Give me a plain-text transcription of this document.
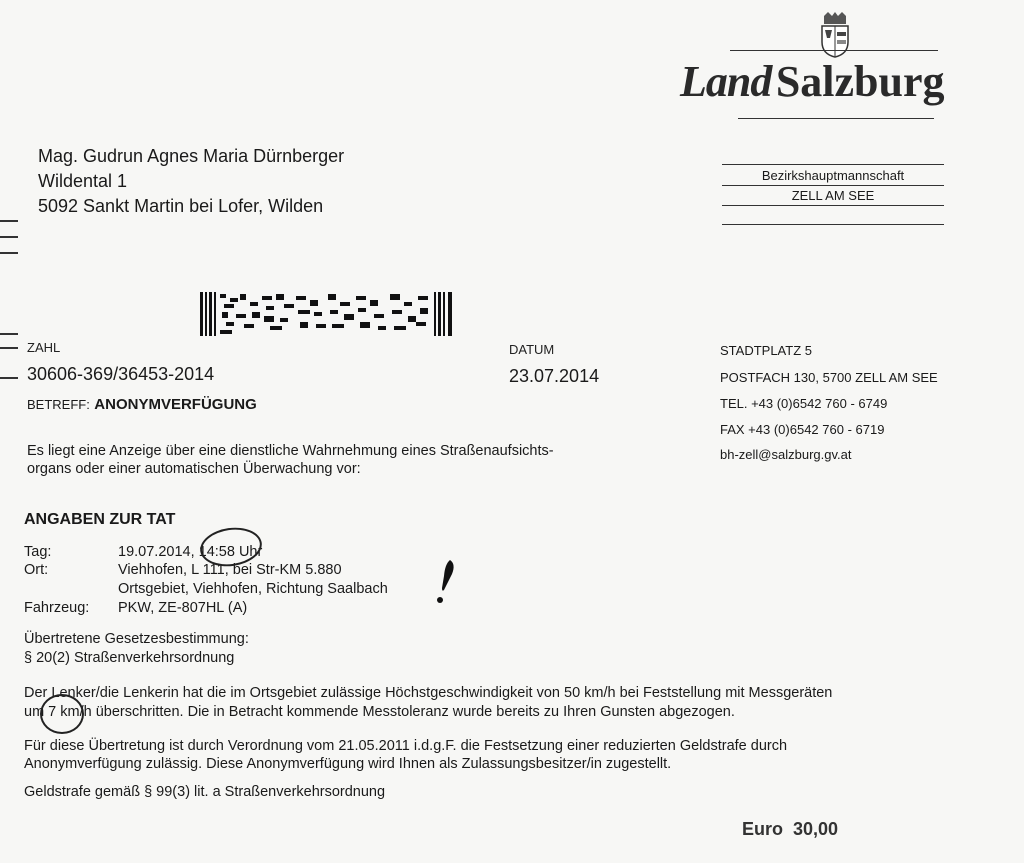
Land Salzburg
Bezirkshauptmannschaft
ZELL AM SEE
Mag. Gudrun Agnes Maria Dürnberger
Wildental 1
5092 Sankt Martin bei Lofer, Wilden
ZAHL
30606-369/36453-2014
DATUM
23.07.2014
BETREFF: ANONYMVERFÜGUNG
STADTPLATZ 5
POSTFACH 130, 5700 ZELL AM SEE
TEL. +43 (0)6542 760 - 6749
FAX +43 (0)6542 760 - 6719
bh-zell@salzburg.gv.at
Es liegt eine Anzeige über eine dienstliche Wahrnehmung eines Straßenaufsichts-
organs oder einer automatischen Überwachung vor:
ANGABEN ZUR TAT
Tag:	19.07.2014, 14:58 Uhr
Ort:	Viehhofen, L 111, bei Str-KM 5.880
Ortsgebiet, Viehhofen, Richtung Saalbach
Fahrzeug: PKW, ZE-807HL (A)
Übertretene Gesetzesbestimmung:
§ 20(2) Straßenverkehrsordnung
Der Lenker/die Lenkerin hat die im Ortsgebiet zulässige Höchstgeschwindigkeit von 50 km/h bei Feststellung mit Messgeräten
um 7 km/h überschritten. Die in Betracht kommende Messtoleranz wurde bereits zu Ihren Gunsten abgezogen.
Für diese Übertretung ist durch Verordnung vom 21.05.2011 i.d.g.F. die Festsetzung einer reduzierten Geldstrafe durch
Anonymverfügung zulässig. Diese Anonymverfügung wird Ihnen als Zulassungsbesitzer/in zugestellt.
Geldstrafe gemäß § 99(3) lit. a Straßenverkehrsordnung
Euro  30,00
